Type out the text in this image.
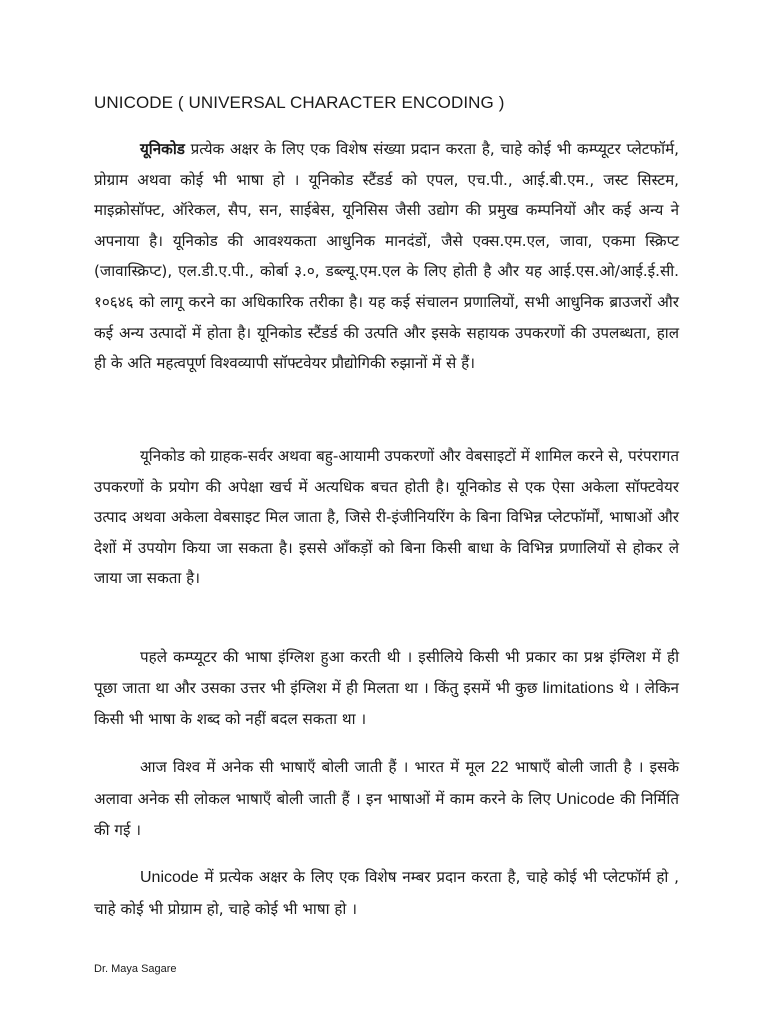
UNICODE ( UNIVERSAL CHARACTER ENCODING )

यूनिकोड प्रत्येक अक्षर के लिए एक विशेष संख्या प्रदान करता है, चाहे कोई भी कम्प्यूटर प्लेटफॉर्म, प्रोग्राम अथवा कोई भी भाषा हो । यूनिकोड स्टैंडर्ड को एपल, एच.पी., आई.बी.एम., जस्ट सिस्टम, माइक्रोसॉफ्ट, ऑरेकल, सैप, सन, साईबेस, यूनिसिस जैसी उद्योग की प्रमुख कम्पनियों और कई अन्य ने अपनाया है। यूनिकोड की आवश्यकता आधुनिक मानदंडों, जैसे एक्स.एम.एल, जावा, एकमा स्क्रिप्ट (जावास्क्रिप्ट), एल.डी.ए.पी., कोर्बा ३.०, डब्ल्यू.एम.एल के लिए होती है और यह आई.एस.ओ/आई.ई.सी. १०६४६ को लागू करने का अधिकारिक तरीका है। यह कई संचालन प्रणालियों, सभी आधुनिक ब्राउजरों और कई अन्य उत्पादों में होता है। यूनिकोड स्टैंडर्ड की उत्पति और इसके सहायक उपकरणों की उपलब्धता, हाल ही के अति महत्वपूर्ण विश्वव्यापी सॉफ्टवेयर प्रौद्योगिकी रुझानों में से हैं।

यूनिकोड को ग्राहक-सर्वर अथवा बहु-आयामी उपकरणों और वेबसाइटों में शामिल करने से, परंपरागत उपकरणों के प्रयोग की अपेक्षा खर्च में अत्यधिक बचत होती है। यूनिकोड से एक ऐसा अकेला सॉफ्टवेयर उत्पाद अथवा अकेला वेबसाइट मिल जाता है, जिसे री-इंजीनियरिंग के बिना विभिन्न प्लेटफॉर्मों, भाषाओं और देशों में उपयोग किया जा सकता है। इससे आँकड़ों को बिना किसी बाधा के विभिन्न प्रणालियों से होकर ले जाया जा सकता है।

पहले कम्प्यूटर की भाषा इंग्लिश हुआ करती थी । इसीलिये किसी भी प्रकार का प्रश्न इंग्लिश में ही पूछा जाता था और उसका उत्तर भी इंग्लिश में ही मिलता था । किंतु इसमें भी कुछ limitations थे । लेकिन किसी भी भाषा के शब्द को नहीं बदल सकता था ।

आज विश्व में अनेक सी भाषाएँ बोली जाती हैं । भारत में मूल 22 भाषाएँ बोली जाती है । इसके अलावा अनेक सी लोकल भाषाएँ बोली जाती हैं । इन भाषाओं में काम करने के लिए Unicode की निर्मिति की गई ।

Unicode में प्रत्येक अक्षर के लिए एक विशेष नम्बर प्रदान करता है, चाहे कोई भी प्लेटफॉर्म हो , चाहे कोई भी प्रोग्राम हो, चाहे कोई भी भाषा हो ।

Dr. Maya Sagare
